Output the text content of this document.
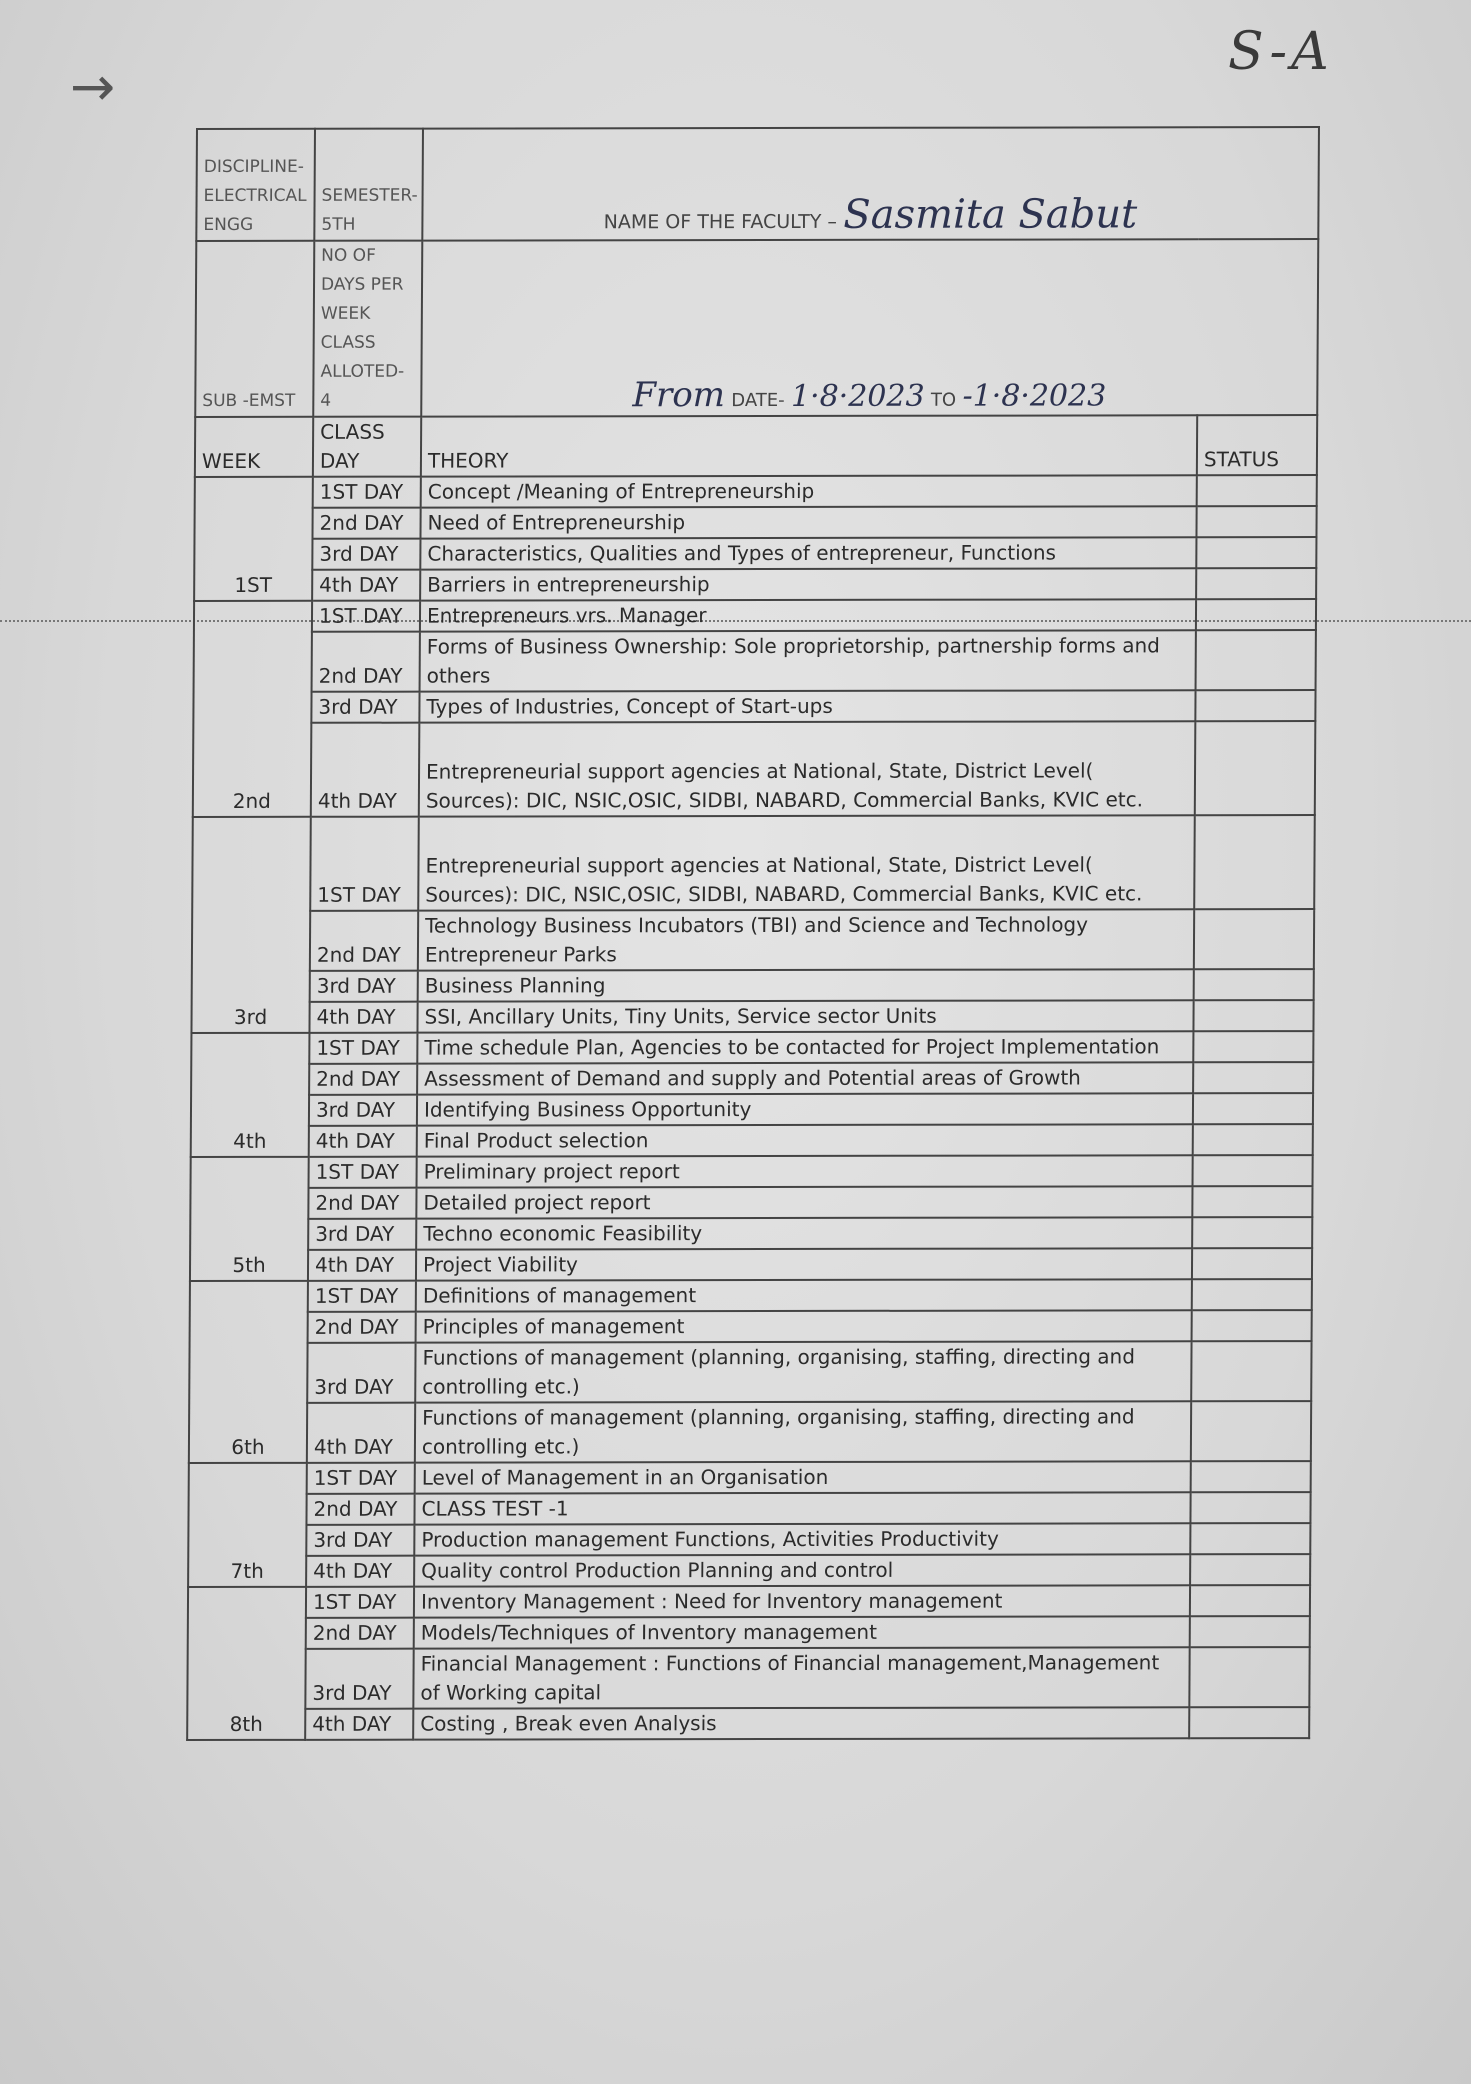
→
S-A
DISCIPLINE-ELECTRICAL ENGG	SEMESTER-5TH	NAME OF THE FACULTY – Sasmita Sabut	
SUB -EMST	NO OF DAYS PER WEEK CLASS ALLOTED-4	From DATE- 1·8·2023 TO -1·8·2023	
WEEK	CLASS DAY	THEORY	STATUS
1ST	1ST DAY	Concept /Meaning of Entrepreneurship	
	2nd DAY	Need of Entrepreneurship	
	3rd DAY	Characteristics, Qualities and Types of entrepreneur, Functions	
	4th DAY	Barriers in entrepreneurship	
2nd	1ST DAY	Entrepreneurs vrs. Manager	
	2nd DAY	Forms of Business Ownership: Sole proprietorship, partnership forms and others	
	3rd DAY	Types of Industries, Concept of Start-ups	
	4th DAY	Entrepreneurial support agencies at National, State, District Level( Sources): DIC, NSIC,OSIC, SIDBI, NABARD, Commercial Banks, KVIC etc.	
3rd	1ST DAY	Entrepreneurial support agencies at National, State, District Level( Sources): DIC, NSIC,OSIC, SIDBI, NABARD, Commercial Banks, KVIC etc.	
	2nd DAY	Technology Business Incubators (TBI) and Science and Technology Entrepreneur Parks	
	3rd DAY	Business Planning	
	4th DAY	SSI, Ancillary Units, Tiny Units, Service sector Units	
4th	1ST DAY	Time schedule Plan, Agencies to be contacted for Project Implementation	
	2nd DAY	Assessment of Demand and supply and Potential areas of Growth	
	3rd DAY	Identifying Business Opportunity	
	4th DAY	Final Product selection	
5th	1ST DAY	Preliminary project report	
	2nd DAY	Detailed project report	
	3rd DAY	Techno economic Feasibility	
	4th DAY	Project Viability	
6th	1ST DAY	Definitions of management	
	2nd DAY	Principles of management	
	3rd DAY	Functions of management (planning, organising, staffing, directing and controlling etc.)	
	4th DAY	Functions of management (planning, organising, staffing, directing and controlling etc.)	
7th	1ST DAY	Level of Management in an Organisation	
	2nd DAY	CLASS TEST -1	
	3rd DAY	Production management Functions, Activities Productivity	
	4th DAY	Quality control Production Planning and control	
8th	1ST DAY	Inventory Management : Need for Inventory management	
	2nd DAY	Models/Techniques of Inventory management	
	3rd DAY	Financial Management : Functions of Financial management,Management of Working capital	
	4th DAY	Costing , Break even Analysis	
